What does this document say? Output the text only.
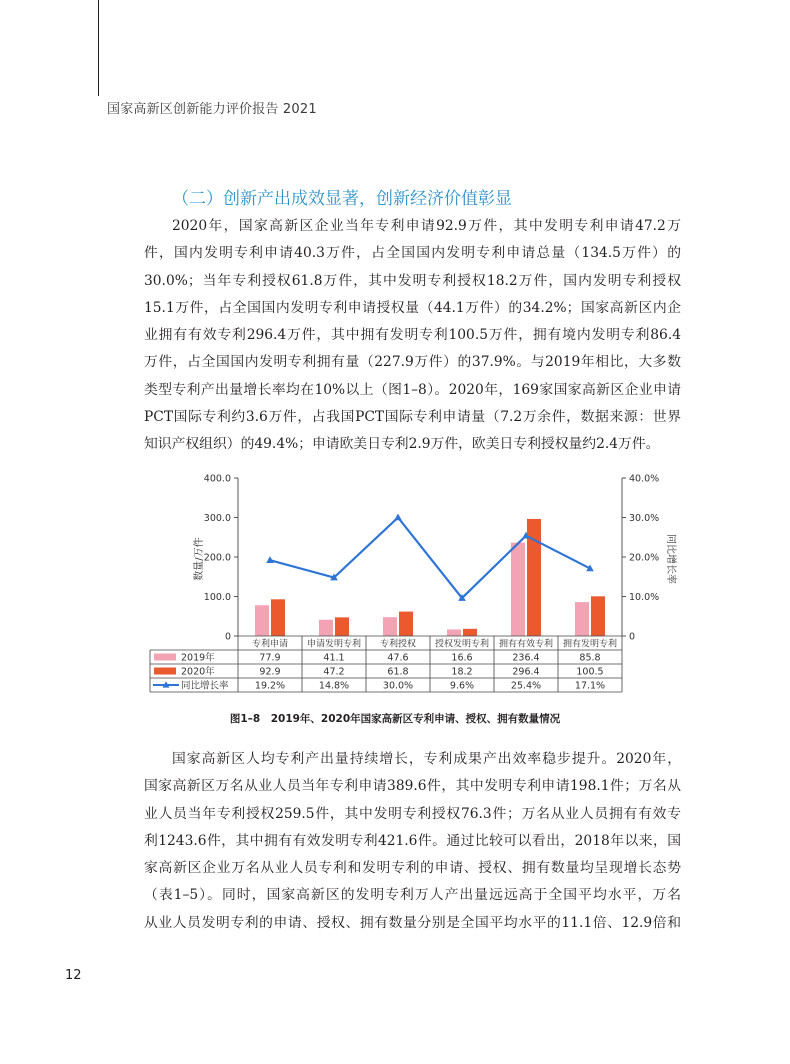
国家高新区创新能力评价报告 2021
（二）创新产出成效显著，创新经济价值彰显

2020年，国家高新区企业当年专利申请92.9万件，其中发明专利申请47.2万
件，国内发明专利申请40.3万件，占全国国内发明专利申请总量（134.5万件）的
30.0%；当年专利授权61.8万件，其中发明专利授权18.2万件，国内发明专利授权
15.1万件，占全国国内发明专利申请授权量（44.1万件）的34.2%；国家高新区内企
业拥有有效专利296.4万件，其中拥有发明专利100.5万件，拥有境内发明专利86.4
万件，占全国国内发明专利拥有量（227.9万件）的37.9%。与2019年相比，大多数
类型专利产出量增长率均在10%以上（图1–8）。2020年，169家国家高新区企业申请
PCT国际专利约3.6万件，占我国PCT国际专利申请量（7.2万余件，数据来源：世界
知识产权组织）的49.4%；申请欧美日专利2.9万件，欧美日专利授权量约2.4万件。

0
100.0
200.0
300.0
400.0
0
10.0%
20.0%
30.0%
40.0%
数量/万件	同比增长率
专利申请 申请发明专利 专利授权 授权发明专利 拥有有效专利 拥有发明专利
2019年	77.9	41.1	47.6	16.6	236.4	85.8
2020年	92.9	47.2	61.8	18.2	296.4	100.5
同比增长率	19.2%	14.8%	30.0%	9.6%	25.4%	17.1%
图1–8　2019年、2020年国家高新区专利申请、授权、拥有数量情况

国家高新区人均专利产出量持续增长，专利成果产出效率稳步提升。2020年，
国家高新区万名从业人员当年专利申请389.6件，其中发明专利申请198.1件；万名从
业人员当年专利授权259.5件，其中发明专利授权76.3件；万名从业人员拥有有效专
利1243.6件，其中拥有有效发明专利421.6件。通过比较可以看出，2018年以来，国
家高新区企业万名从业人员专利和发明专利的申请、授权、拥有数量均呈现增长态势
（表1–5）。同时，国家高新区的发明专利万人产出量远远高于全国平均水平，万名
从业人员发明专利的申请、授权、拥有数量分别是全国平均水平的11.1倍、12.9倍和

12
